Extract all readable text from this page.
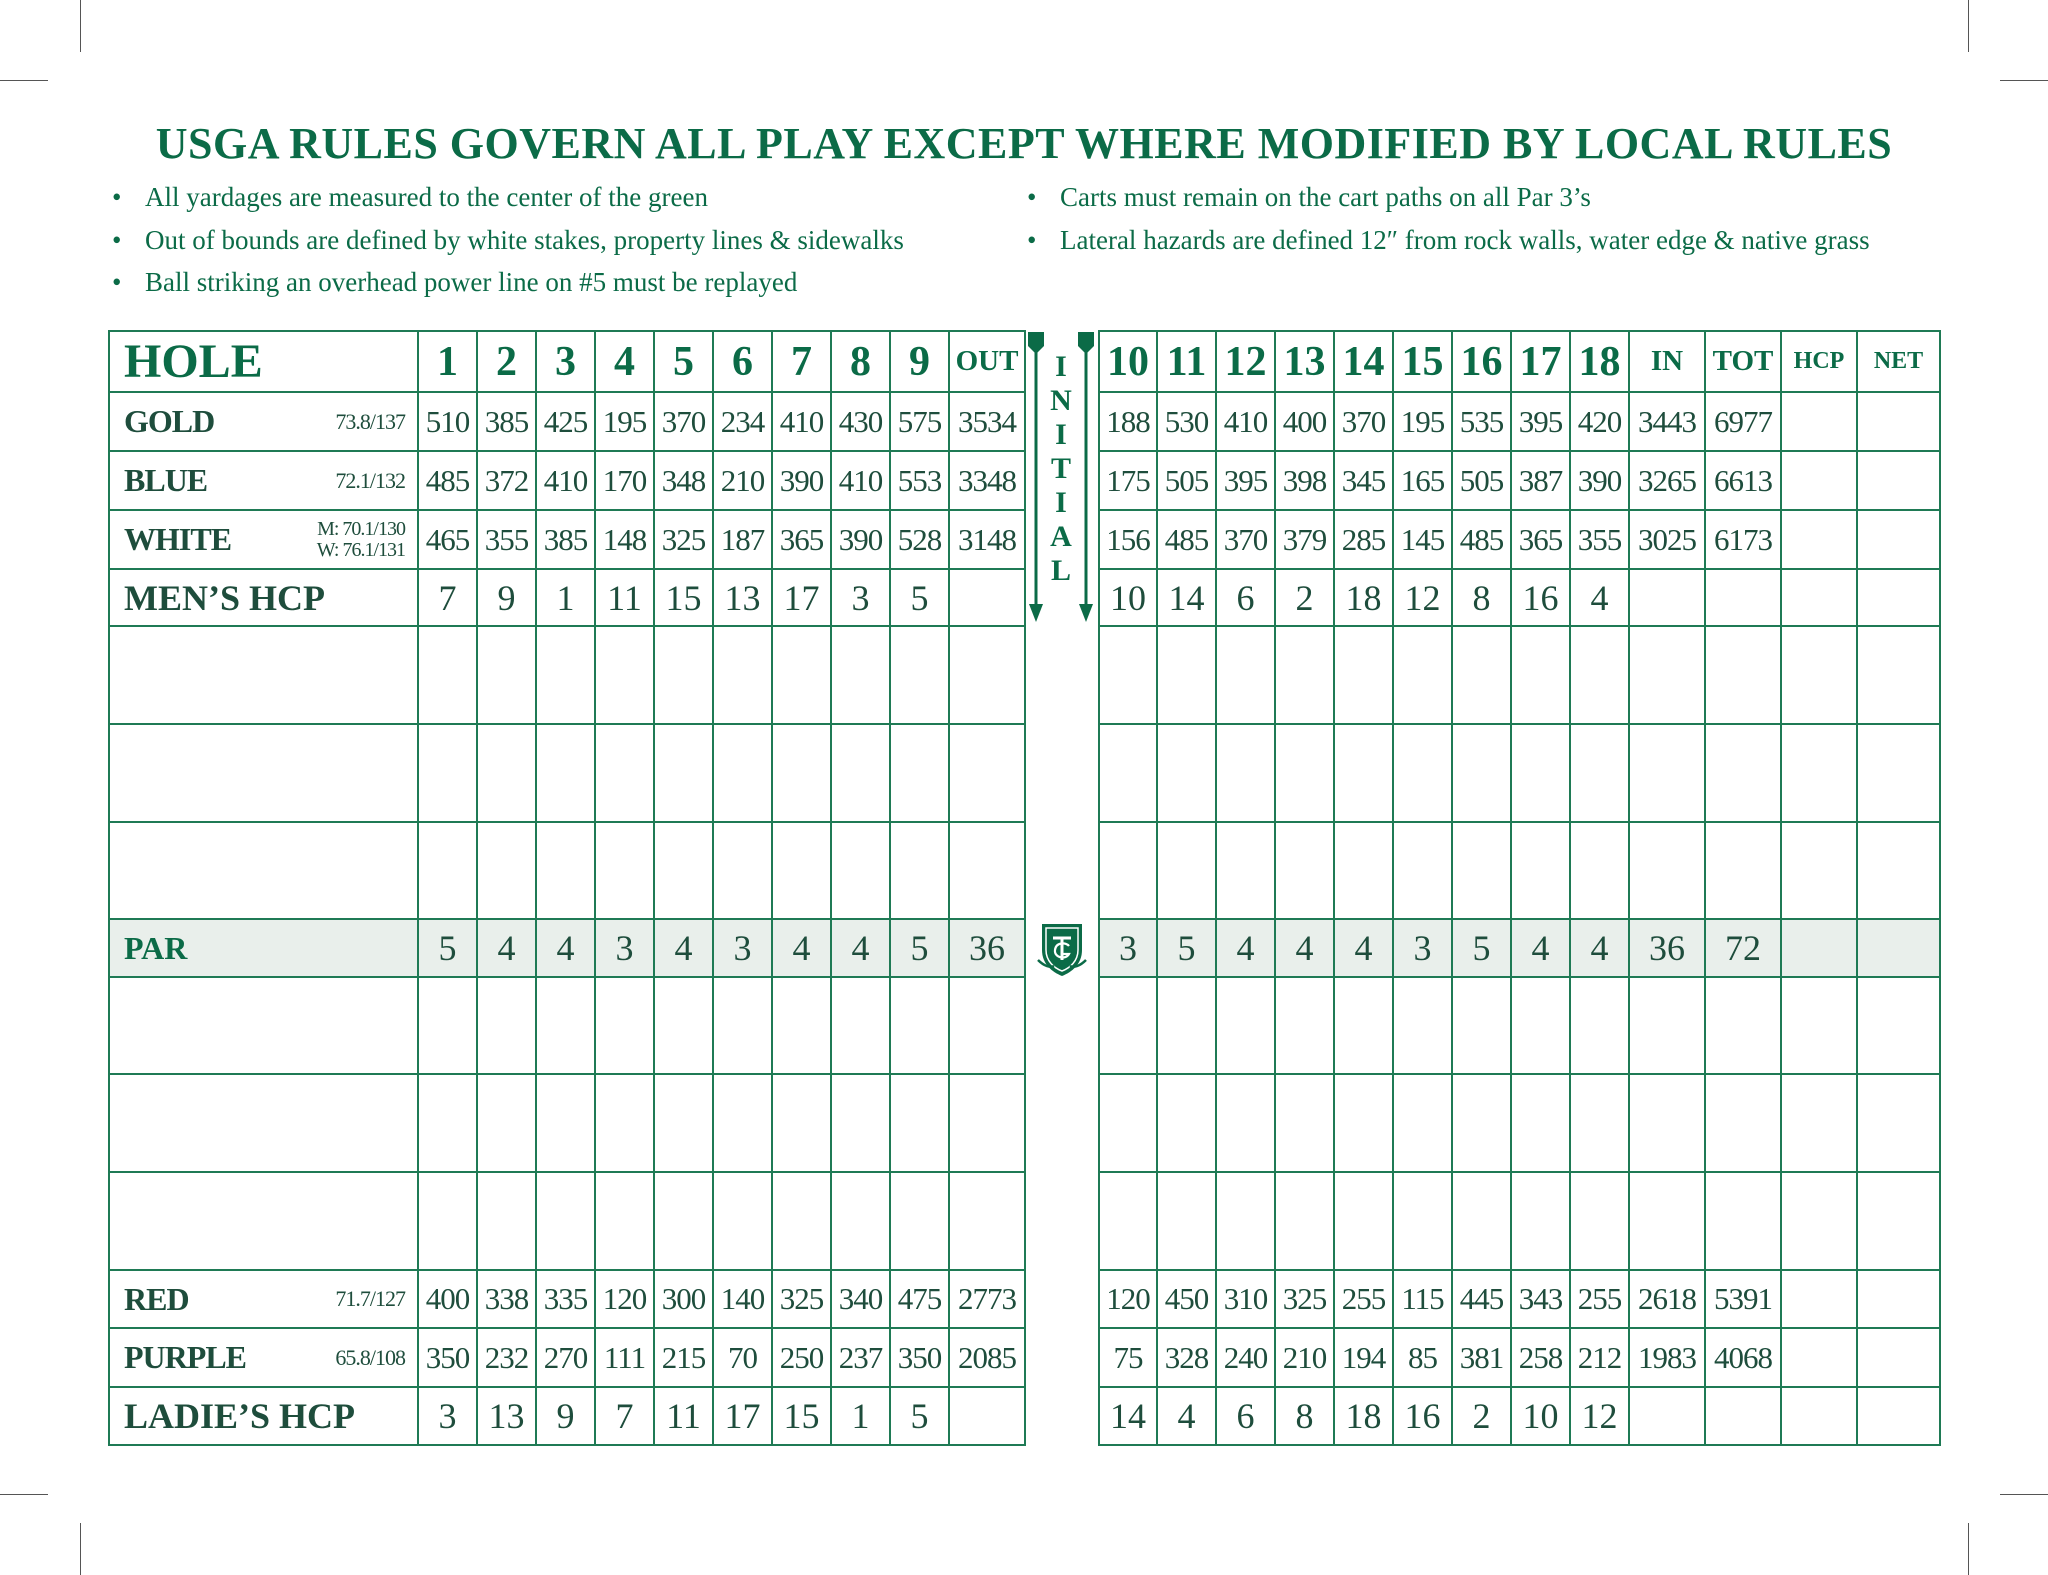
USGA RULES GOVERN ALL PLAY EXCEPT WHERE MODIFIED BY LOCAL RULES
• All yardages are measured to the center of the green
• Out of bounds are defined by white stakes, property lines & sidewalks
• Ball striking an overhead power line on #5 must be replayed
• Carts must remain on the cart paths on all Par 3’s
• Lateral hazards are defined 12″ from rock walls, water edge & native grass
HOLE	1	2	3	4	5	6	7	8	9	OUT
GOLD 73.8/137	510	385	425	195	370	234	410	430	575	3534
BLUE 72.1/132	485	372	410	170	348	210	390	410	553	3348
WHITE M: 70.1/130
W: 76.1/131	465	355	385	148	325	187	365	390	528	3148
MEN’S HCP	7	9	1	11	15	13	17	3	5	

PAR	5	4	4	3	4	3	4	4	5	36

RED 71.7/127	400	338	335	120	300	140	325	340	475	2773
PURPLE 65.8/108	350	232	270	111	215	70	250	237	350	2085
LADIE’S HCP	3	13	9	7	11	17	15	1	5	
I
N
I
T
I
A
L
10	11	12	13	14	15	16	17	18	IN	TOT	HCP	NET
188	530	410	400	370	195	535	395	420	3443	6977		
175	505	395	398	345	165	505	387	390	3265	6613		
156	485	370	379	285	145	485	365	355	3025	6173		
10	14	6	2	18	12	8	16	4				

3	5	4	4	4	3	5	4	4	36	72		

120	450	310	325	255	115	445	343	255	2618	5391		
75	328	240	210	194	85	381	258	212	1983	4068		
14	4	6	8	18	16	2	10	12				
